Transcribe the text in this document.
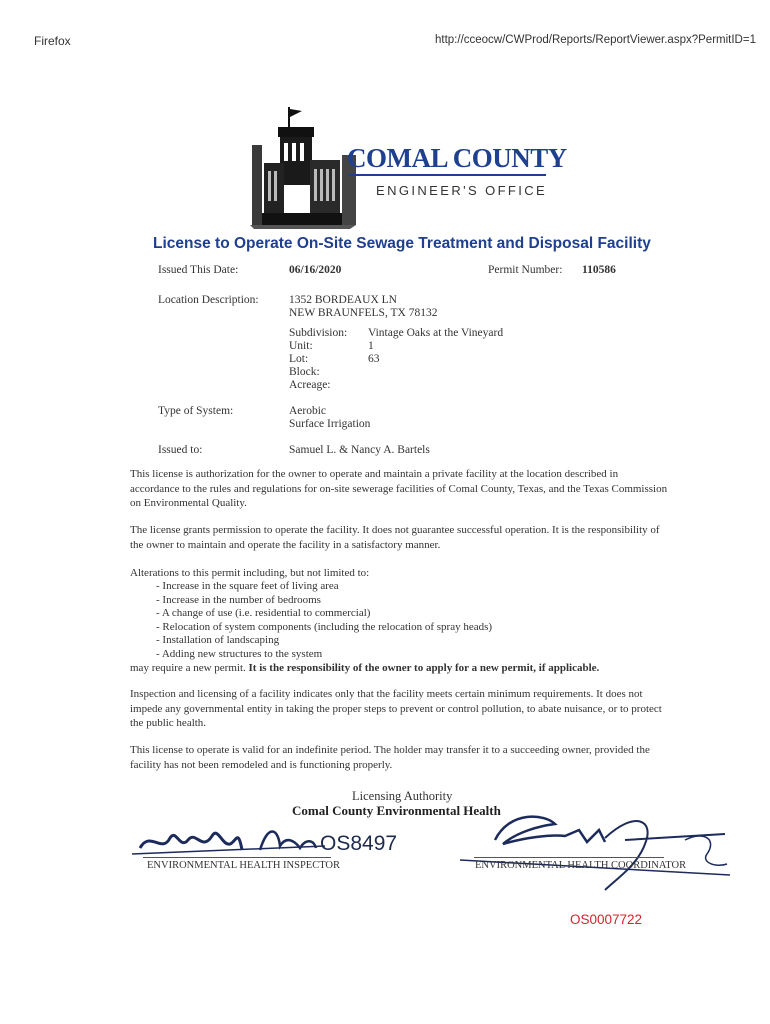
Firefox	http://cceocw/CWProd/Reports/ReportViewer.aspx?PermitID=1
COMAL COUNTY
ENGINEER'S OFFICE
License to Operate On-Site Sewage Treatment and Disposal Facility
Issued This Date:	06/16/2020	Permit Number: 110586
Location Description:	1352 BORDEAUX LN
NEW BRAUNFELS, TX 78132
Subdivision: Vintage Oaks at the Vineyard
Unit:	1
Lot:	63
Block:
Acreage:
Type of System:	Aerobic
Surface Irrigation
Issued to:	Samuel L. & Nancy A. Bartels
This license is authorization for the owner to operate and maintain a private facility at the location described in accordance to the rules and regulations for on-site sewerage facilities of Comal County, Texas, and the Texas Commission on Environmental Quality.
The license grants permission to operate the facility. It does not guarantee successful operation. It is the responsibility of the owner to maintain and operate the facility in a satisfactory manner.
Alterations to this permit including, but not limited to:
- Increase in the square feet of living area
- Increase in the number of bedrooms
- A change of use (i.e. residential to commercial)
- Relocation of system components (including the relocation of spray heads)
- Installation of landscaping
- Adding new structures to the system
may require a new permit. It is the responsibility of the owner to apply for a new permit, if applicable.
Inspection and licensing of a facility indicates only that the facility meets certain minimum requirements. It does not impede any governmental entity in taking the proper steps to prevent or control pollution, to abate nuisance, or to protect the public health.
This license to operate is valid for an indefinite period. The holder may transfer it to a succeeding owner, provided the facility has not been remodeled and is functioning properly.
Licensing Authority
Comal County Environmental Health
OS8497
ENVIRONMENTAL HEALTH INSPECTOR	ENVIRONMENTAL HEALTH COORDINATOR
OS0007722
